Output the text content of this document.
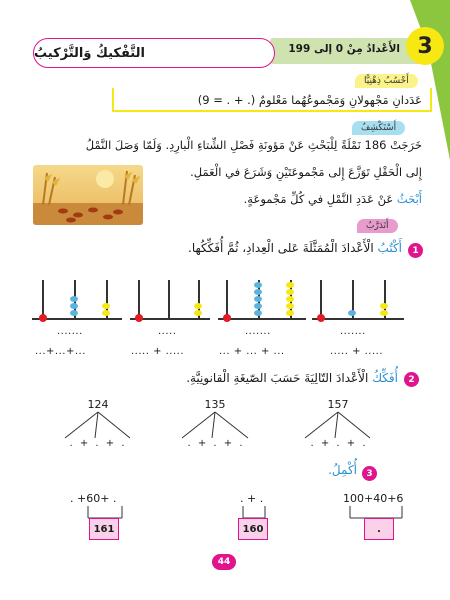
الأَعْدادُ مِنْ 0 إلى 199 3
التَّفْكيكُ وَالتَّرْكيبُ
أَحْسُبُ ذِهْنِيًّا
عَدَدانِ مَجْهولانِ وَمَجْموعُهُما مَعْلومٌ (. + . = 9)
أَسْتَكْشِفُ
خَرَجَتْ 186 نَمْلَةً لِلْبَحْثِ عَنْ مَؤونَةِ فَصْلِ الشِّتاءِ الْبارِدِ. وَلَمّا وَصَلَ النَّمْلُ
إِلى الْحَقْلِ تَوَزَّعَ إِلى مَجْموعَتَيْنِ وَشَرَعَ في الْعَمَلِ.
أَبْحَثُ عَنْ عَدَدِ النَّمْلِ في كُلِّ مَجْموعَةٍ.
أَتَدَرَّبُ
1
أَكْتُبُ الْأَعْدادَ الْمُمَثَّلَةَ عَلى الْعِدادِ، ثُمَّ أُفَكِّكُها.
.......	.....	.......	.......
...+...+...	..... + .....	... + ... + ...	..... + .....
2
أُفَكِّكُ الْأَعْدادَ التّالِيَةَ حَسَبَ الصّيغَةِ الْقانونِيَّةِ.
124	135	157
. + . + .	. + . + .	. + . + .
3
أُكْمِلُ.
. +60+ .	. + .	100+40+6
161	160	.
44
